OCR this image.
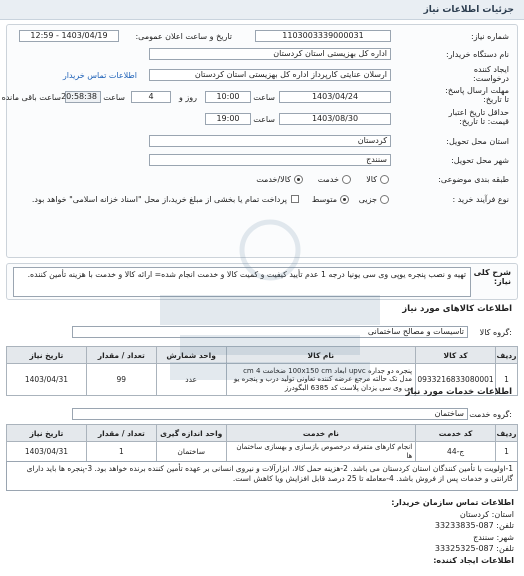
جزئیات اطلاعات نیاز
شماره نیاز:
1103003339000031
تاریخ و ساعت اعلان عمومی:
1403/04/19 - 12:59
نام دستگاه خریدار:
اداره کل بهزیستی استان کردستان
ایجاد کننده
درخواست:
ارسلان عنایتی کارپرداز اداره کل بهزیستی استان کردستان
اطلاعات تماس خریدار
مهلت ارسال پاسخ:
تا تاریخ:
1403/04/24
ساعت
10:00
روز و
4
ساعت
20:58:38
ساعت باقی مانده
حداقل تاریخ اعتبار
قیمت: تا تاریخ:
1403/08/30
ساعت
19:00
استان محل تحویل:
کردستان
شهر محل تحویل:
سنندج
طبقه بندی موضوعی:
کالا
خدمت
کالا/خدمت
نوع فرآیند خرید :
جزیی
متوسط
پرداخت تمام یا بخشی از مبلغ خرید،از محل "اسناد خزانه اسلامی" خواهد بود.
شرح کلی
نیاز:
تهیه و نصب پنجره یوپی وی سی یونیا درجه 1 عدم تأیید کیفیت و کمیت کالا و خدمت انجام شده= ارائه کالا و خدمت با هزینه تأمین کننده.
اطلاعات کالاهای مورد نیاز
گروه کالا:
تاسیسات و مصالح ساختمانی
ردیف	کد کالا	نام کالا	واحد شمارش	تعداد / مقدار	تاریخ نیاز
1	0933216833080001	پنجره دو جداره upvc ابعاد 100x150 cm ضخامت 4 cm مدل تک حالته مرجع عرضه کننده تعاونی تولید درب و پنجره یو پی وی سی یزدان پلاست کد 6385 البگودرز	عدد	99	1403/04/31
اطلاعات خدمات مورد نیاز
گروه خدمت:
ساختمان
ردیف	کد خدمت	نام خدمت	واحد اندازه گیری	تعداد / مقدار	تاریخ نیاز
1	ج-44	انجام کارهای متفرقه درخصوص بازسازی و بهسازی ساختمان ها	ساختمان	1	1403/04/31
1-اولویت با تأمین کنندگان استان کردستان می باشد. 2-هزینه حمل کالا، ابزارآلات و نیروی انسانی بر عهده تأمین کننده برنده خواهد بود. 3-پنجره ها باید دارای گارانتی و خدمات پس از فروش باشد. 4-معامله تا 25 درصد قابل افزایش ویا کاهش است.
اطلاعات تماس سازمان خریدار:
استان: کردستان
تلفن: 087-33233835
شهر: سنندج
تلفن: 087-33325325
اطلاعات ایجاد کننده:
